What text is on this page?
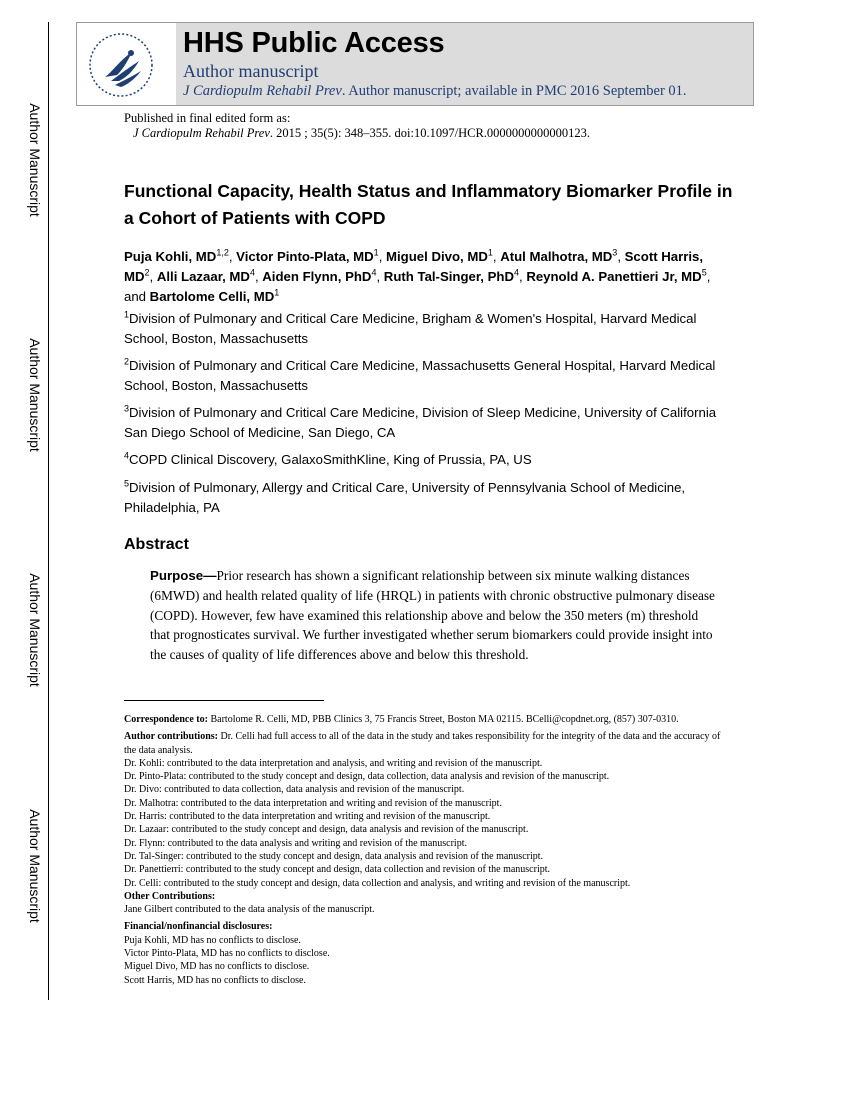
Author Manuscript
Author Manuscript
Author Manuscript
Author Manuscript
HHS Public Access
Author manuscript
J Cardiopulm Rehabil Prev. Author manuscript; available in PMC 2016 September 01.
Published in final edited form as:
J Cardiopulm Rehabil Prev. 2015 ; 35(5): 348–355. doi:10.1097/HCR.0000000000000123.
Functional Capacity, Health Status and Inflammatory Biomarker Profile in a Cohort of Patients with COPD
Puja Kohli, MD$^{1,2}$, Victor Pinto-Plata, $MD^1$, Miguel Divo, $MD^1$, Atul Malhotra, $MD^3$, Scott Harris, $MD^2$, Alli Lazaar, $MD^4$, Aiden Flynn, PhD$^4$, Ruth Tal-Singer, PhD$^4$, Reynold A. Panettieri Jr, $MD^5$, and Bartolome Celli, $MD^1$
$^1$Division of Pulmonary and Critical Care Medicine, Brigham & Women's Hospital, Harvard Medical School, Boston, Massachusetts
$^2$Division of Pulmonary and Critical Care Medicine, Massachusetts General Hospital, Harvard Medical School, Boston, Massachusetts
$^3$Division of Pulmonary and Critical Care Medicine, Division of Sleep Medicine, University of California San Diego School of Medicine, San Diego, CA
$^4$COPD Clinical Discovery, GalaxoSmithKline, King of Prussia, PA, US
$^5$Division of Pulmonary, Allergy and Critical Care, University of Pennsylvania School of Medicine, Philadelphia, PA
Abstract
Purpose—Prior research has shown a significant relationship between six minute walking distances (6MWD) and health related quality of life (HRQL) in patients with chronic obstructive pulmonary disease (COPD). However, few have examined this relationship above and below the 350 meters (m) threshold that prognosticates survival. We further investigated whether serum biomarkers could provide insight into the causes of quality of life differences above and below this threshold.

Correspondence to: Bartolome R. Celli, MD, PBB Clinics 3, 75 Francis Street, Boston MA 02115. BCelli@copdnet.org, (857) 307-0310.

Author contributions: Dr. Celli had full access to all of the data in the study and takes responsibility for the integrity of the data and the accuracy of the data analysis.

Dr. Kohli: contributed to the data interpretation and analysis, and writing and revision of the manuscript.

Dr. Pinto-Plata: contributed to the study concept and design, data collection, data analysis and revision of the manuscript.

Dr. Divo: contributed to data collection, data analysis and revision of the manuscript.

Dr. Malhotra: contributed to the data interpretation and writing and revision of the manuscript.

Dr. Harris: contributed to the data interpretation and writing and revision of the manuscript.

Dr. Lazaar: contributed to the study concept and design, data analysis and revision of the manuscript.

Dr. Flynn: contributed to the data analysis and writing and revision of the manuscript.

Dr. Tal-Singer: contributed to the study concept and design, data analysis and revision of the manuscript.

Dr. Panettierri: contributed to the study concept and design, data collection and revision of the manuscript.

Dr. Celli: contributed to the study concept and design, data collection and analysis, and writing and revision of the manuscript.

Other Contributions:

Jane Gilbert contributed to the data analysis of the manuscript.

Financial/nonfinancial disclosures:

Puja Kohli, MD has no conflicts to disclose.

Victor Pinto-Plata, MD has no conflicts to disclose.

Miguel Divo, MD has no conflicts to disclose.

Scott Harris, MD has no conflicts to disclose.
